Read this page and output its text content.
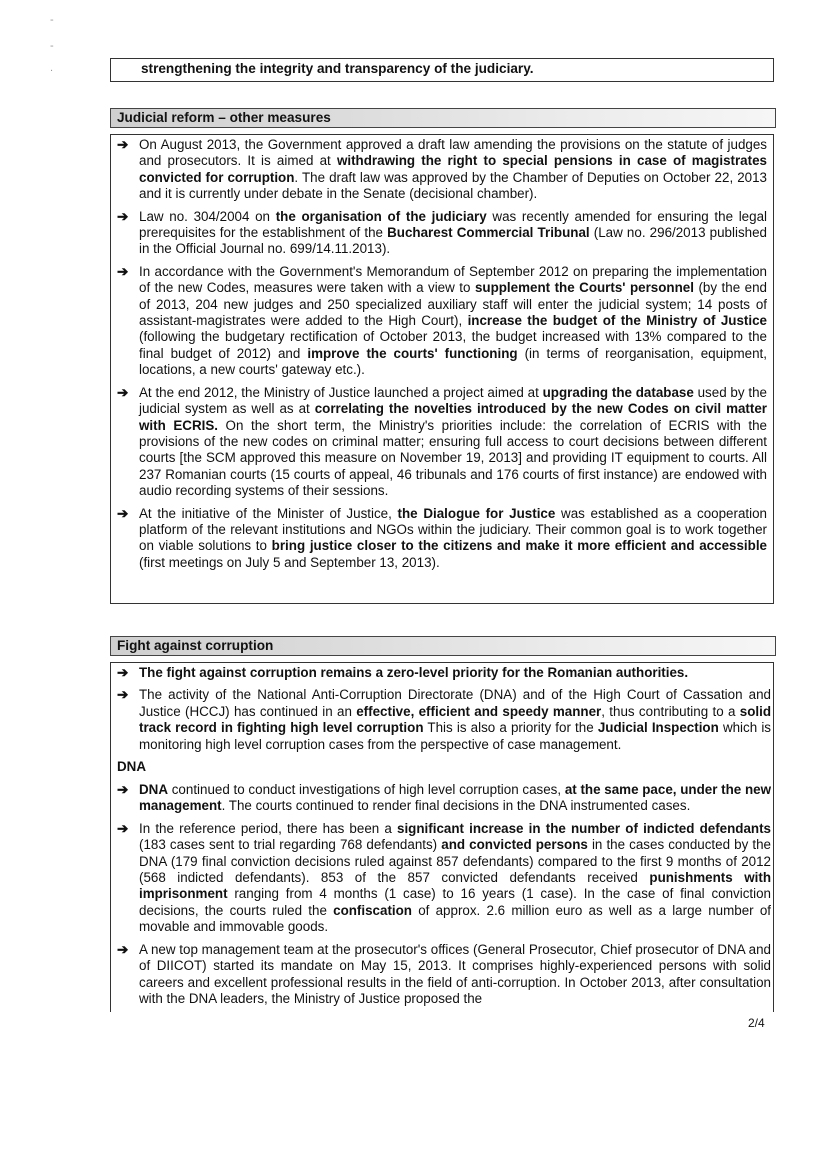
-
-
.	strengthening the integrity and transparency of the judiciary.
Judicial reform – other measures
➔ On August 2013, the Government approved a draft law amending the provisions on the statute of judges and prosecutors. It is aimed at withdrawing the right to special pensions in case of magistrates convicted for corruption. The draft law was approved by the Chamber of Deputies on October 22, 2013 and it is currently under debate in the Senate (decisional chamber).
➔ Law no. 304/2004 on the organisation of the judiciary was recently amended for ensuring the legal prerequisites for the establishment of the Bucharest Commercial Tribunal (Law no. 296/2013 published in the Official Journal no. 699/14.11.2013).
➔ In accordance with the Government's Memorandum of September 2012 on preparing the implementation of the new Codes, measures were taken with a view to supplement the Courts' personnel (by the end of 2013, 204 new judges and 250 specialized auxiliary staff will enter the judicial system; 14 posts of assistant-magistrates were added to the High Court), increase the budget of the Ministry of Justice (following the budgetary rectification of October 2013, the budget increased with 13% compared to the final budget of 2012) and improve the courts' functioning (in terms of reorganisation, equipment, locations, a new courts' gateway etc.).
➔ At the end 2012, the Ministry of Justice launched a project aimed at upgrading the database used by the judicial system as well as at correlating the novelties introduced by the new Codes on civil matter with ECRIS. On the short term, the Ministry's priorities include: the correlation of ECRIS with the provisions of the new codes on criminal matter; ensuring full access to court decisions between different courts [the SCM approved this measure on November 19, 2013] and providing IT equipment to courts. All 237 Romanian courts (15 courts of appeal, 46 tribunals and 176 courts of first instance) are endowed with audio recording systems of their sessions.
➔ At the initiative of the Minister of Justice, the Dialogue for Justice was established as a cooperation platform of the relevant institutions and NGOs within the judiciary. Their common goal is to work together on viable solutions to bring justice closer to the citizens and make it more efficient and accessible (first meetings on July 5 and September 13, 2013).
Fight against corruption
➔ The fight against corruption remains a zero-level priority for the Romanian authorities.
➔ The activity of the National Anti-Corruption Directorate (DNA) and of the High Court of Cassation and Justice (HCCJ) has continued in an effective, efficient and speedy manner, thus contributing to a solid track record in fighting high level corruption This is also a priority for the Judicial Inspection which is monitoring high level corruption cases from the perspective of case management.
DNA
➔ DNA continued to conduct investigations of high level corruption cases, at the same pace, under the new management. The courts continued to render final decisions in the DNA instrumented cases.
➔ In the reference period, there has been a significant increase in the number of indicted defendants (183 cases sent to trial regarding 768 defendants) and convicted persons in the cases conducted by the DNA (179 final conviction decisions ruled against 857 defendants) compared to the first 9 months of 2012 (568 indicted defendants). 853 of the 857 convicted defendants received punishments with imprisonment ranging from 4 months (1 case) to 16 years (1 case). In the case of final conviction decisions, the courts ruled the confiscation of approx. 2.6 million euro as well as a large number of movable and immovable goods.
➔ A new top management team at the prosecutor's offices (General Prosecutor, Chief prosecutor of DNA and of DIICOT) started its mandate on May 15, 2013. It comprises highly-experienced persons with solid careers and excellent professional results in the field of anti-corruption. In October 2013, after consultation with the DNA leaders, the Ministry of Justice proposed the
2/4
